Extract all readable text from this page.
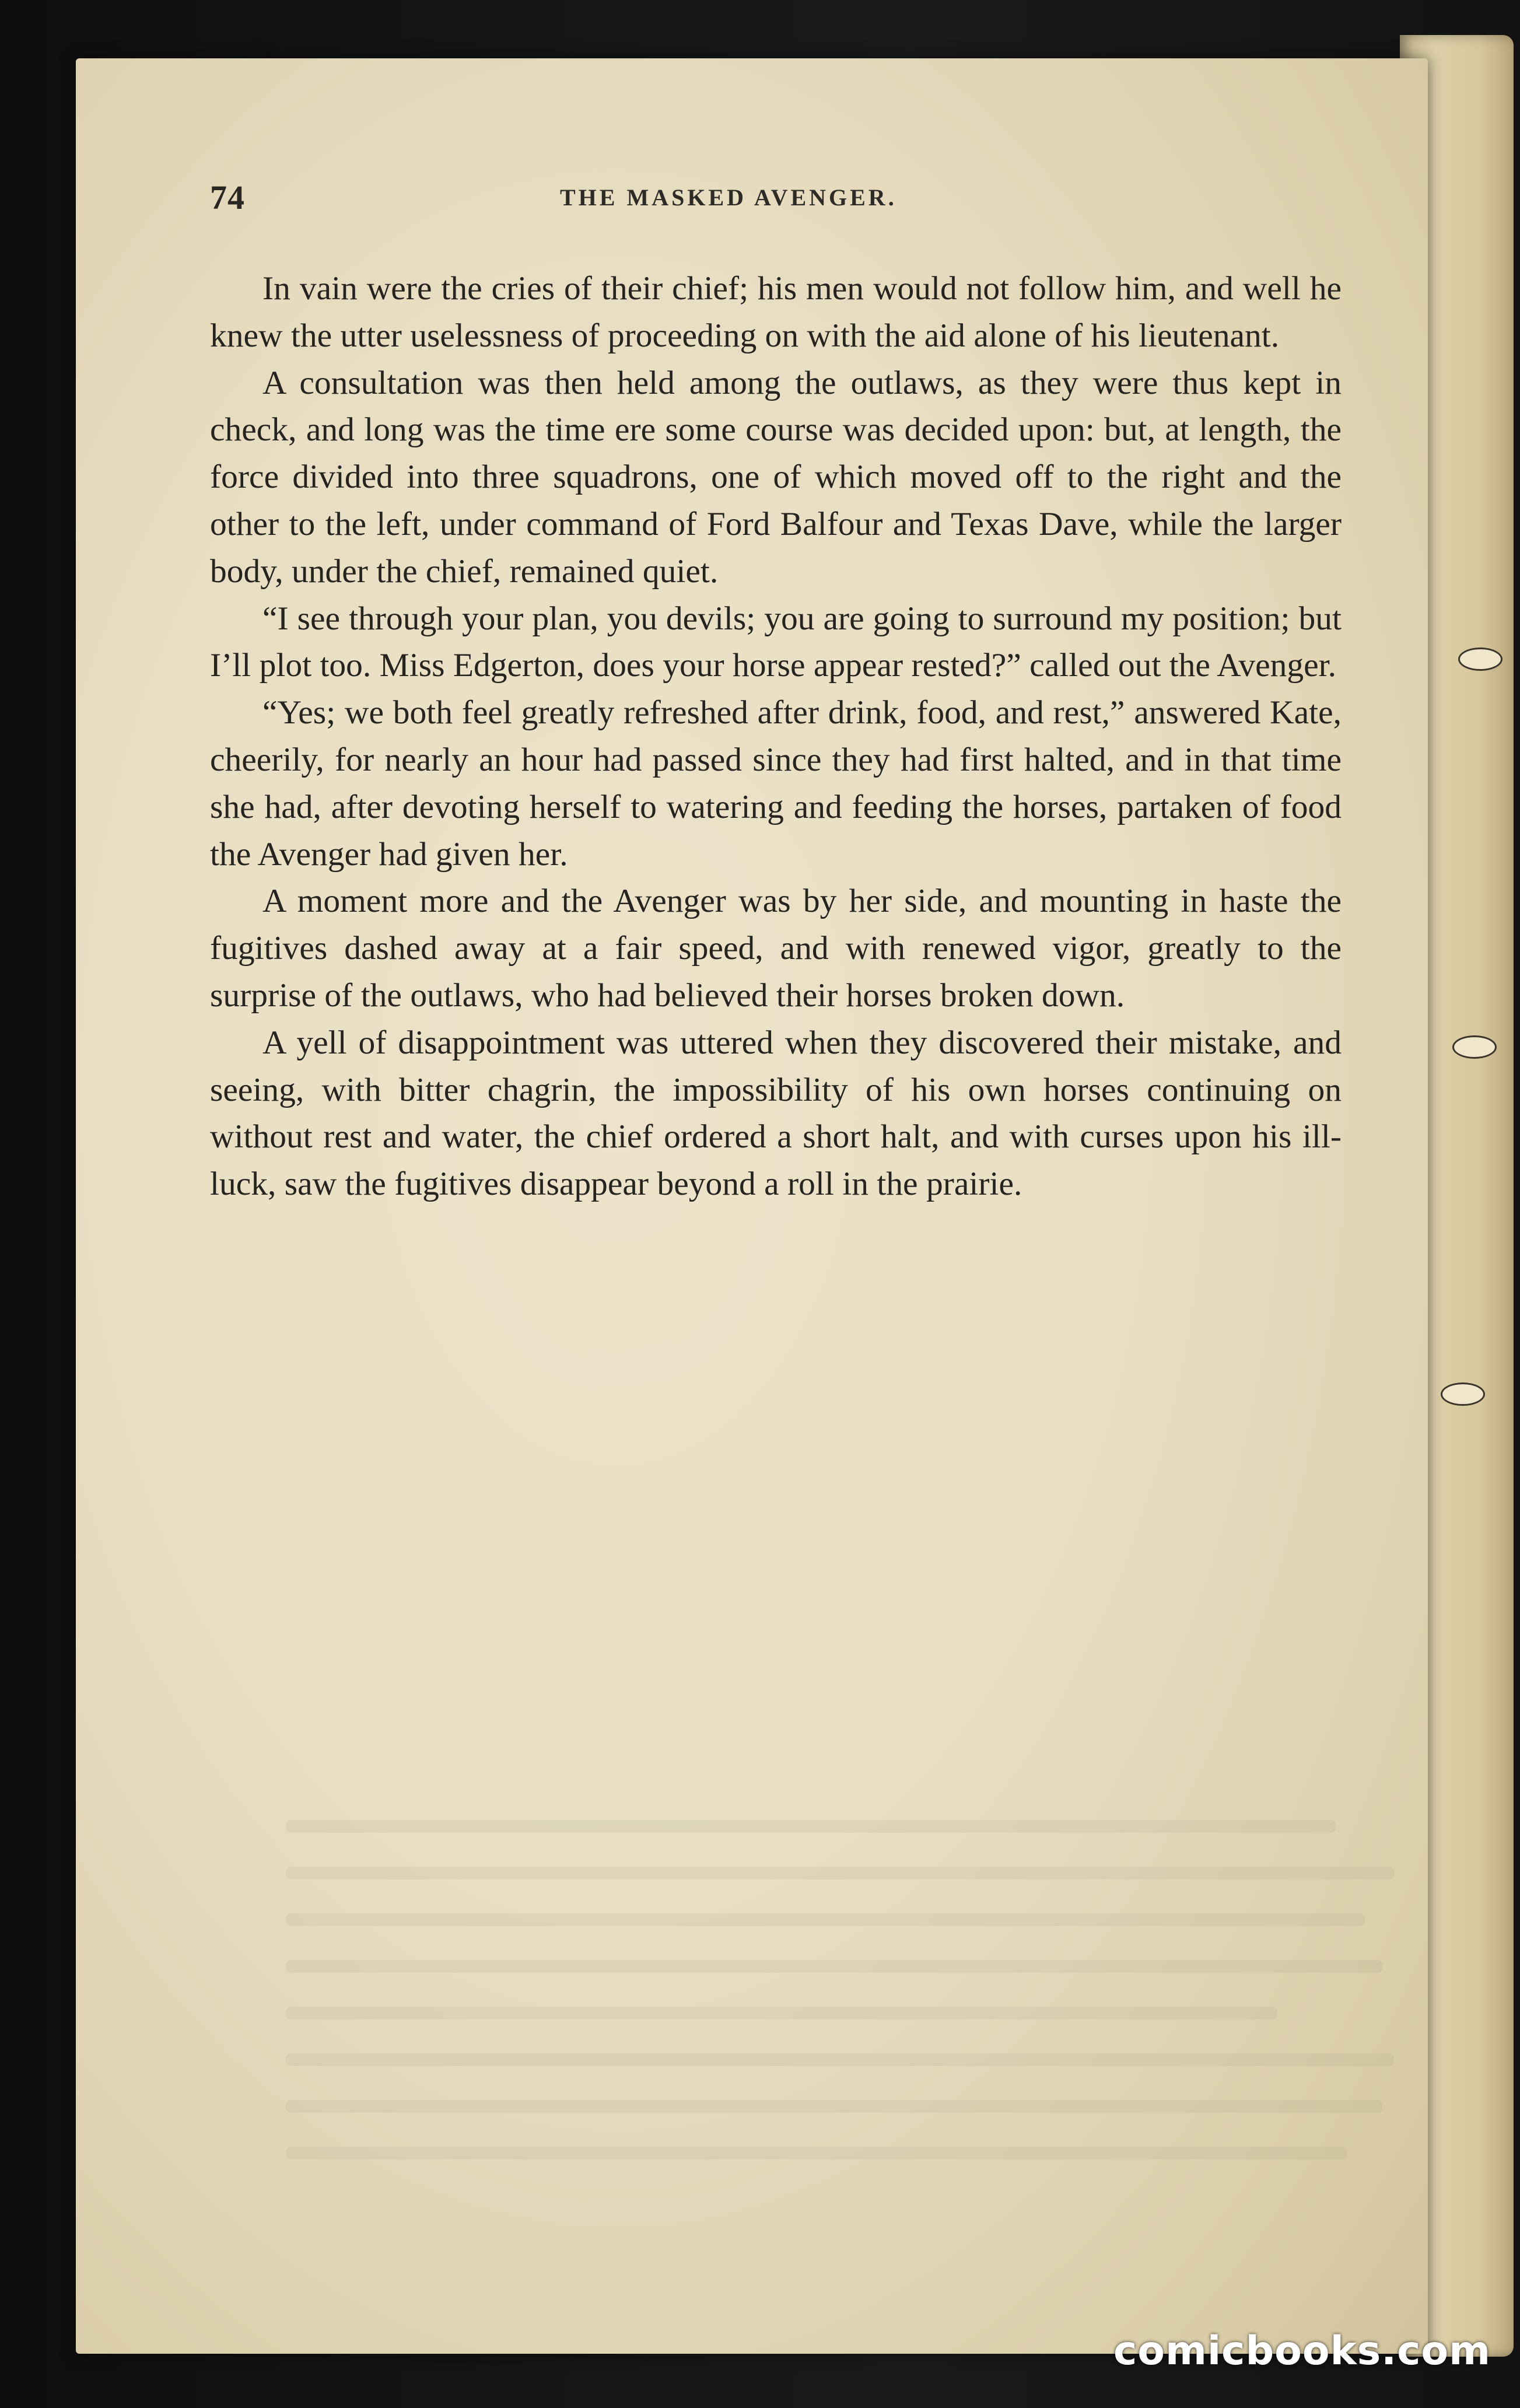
74	THE MASKED AVENGER.

In vain were the cries of their chief; his men would not follow him, and well he knew the utter uselessness of proceeding on with the aid alone of his lieutenant.

A consultation was then held among the outlaws, as they were thus kept in check, and long was the time ere some course was decided upon: but, at length, the force divided into three squadrons, one of which moved off to the right and the other to the left, under command of Ford Balfour and Texas Dave, while the larger body, under the chief, remained quiet.

“I see through your plan, you devils; you are going to surround my position; but I’ll plot too. Miss Edgerton, does your horse appear rested?” called out the Avenger.

“Yes; we both feel greatly refreshed after drink, food, and rest,” answered Kate, cheerily, for nearly an hour had passed since they had first halted, and in that time she had, after devoting herself to watering and feeding the horses, partaken of food the Avenger had given her.

A moment more and the Avenger was by her side, and mounting in haste the fugitives dashed away at a fair speed, and with renewed vigor, greatly to the surprise of the outlaws, who had believed their horses broken down.

A yell of disappointment was uttered when they discovered their mistake, and seeing, with bitter chagrin, the impossibility of his own horses continuing on without rest and water, the chief ordered a short halt, and with curses upon his ill-luck, saw the fugitives disappear beyond a roll in the prairie.

comicbooks.com
